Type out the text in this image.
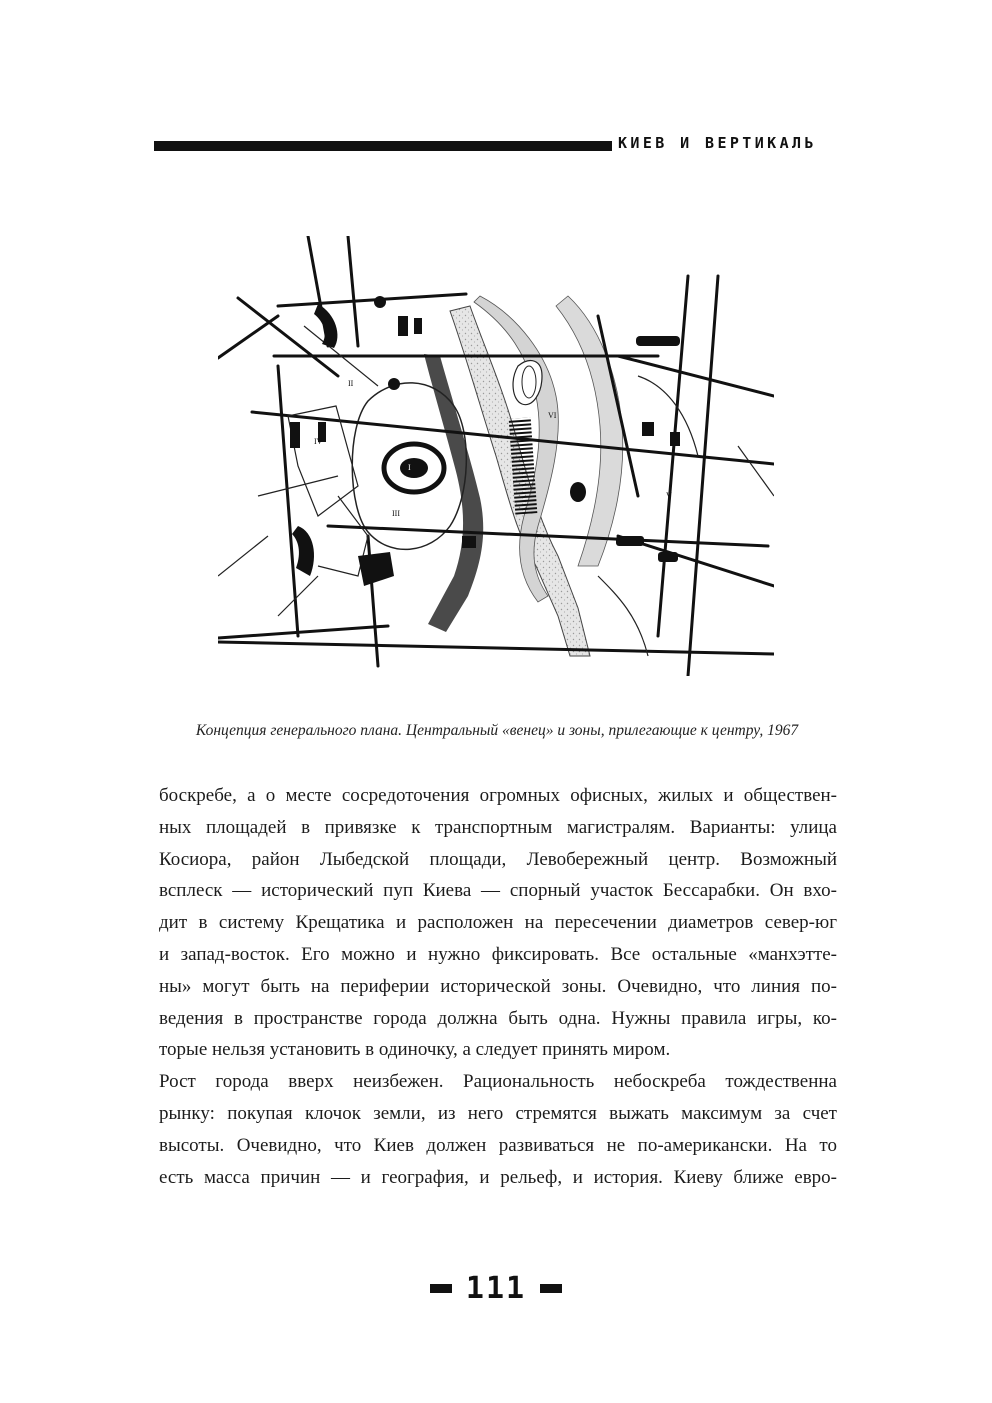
КИЕВ И ВЕРТИКАЛЬ
I
II
III
IV
V
VI
Концепция генерального плана. Центральный «венец» и зоны, прилегающие к центру, 1967
боскребе, а о месте сосредоточения огромных офисных, жилых и обществен-
ных площадей в привязке к транспортным магистралям. Варианты: улица
Косиора, район Лыбедской площади, Левобережный центр. Возможный
всплеск — исторический пуп Киева — спорный участок Бессарабки. Он вхо-
дит в систему Крещатика и расположен на пересечении диаметров север-юг
и запад-восток. Его можно и нужно фиксировать. Все остальные «манхэтте-
ны» могут быть на периферии исторической зоны. Очевидно, что линия по-
ведения в пространстве города должна быть одна. Нужны правила игры, ко-
торые нельзя установить в одиночку, а следует принять миром.
Рост города вверх неизбежен. Рациональность небоскреба тождественна
рынку: покупая клочок земли, из него стремятся выжать максимум за счет
высоты. Очевидно, что Киев должен развиваться не по-американски. На то
есть масса причин — и география, и рельеф, и история. Киеву ближе евро-
111
